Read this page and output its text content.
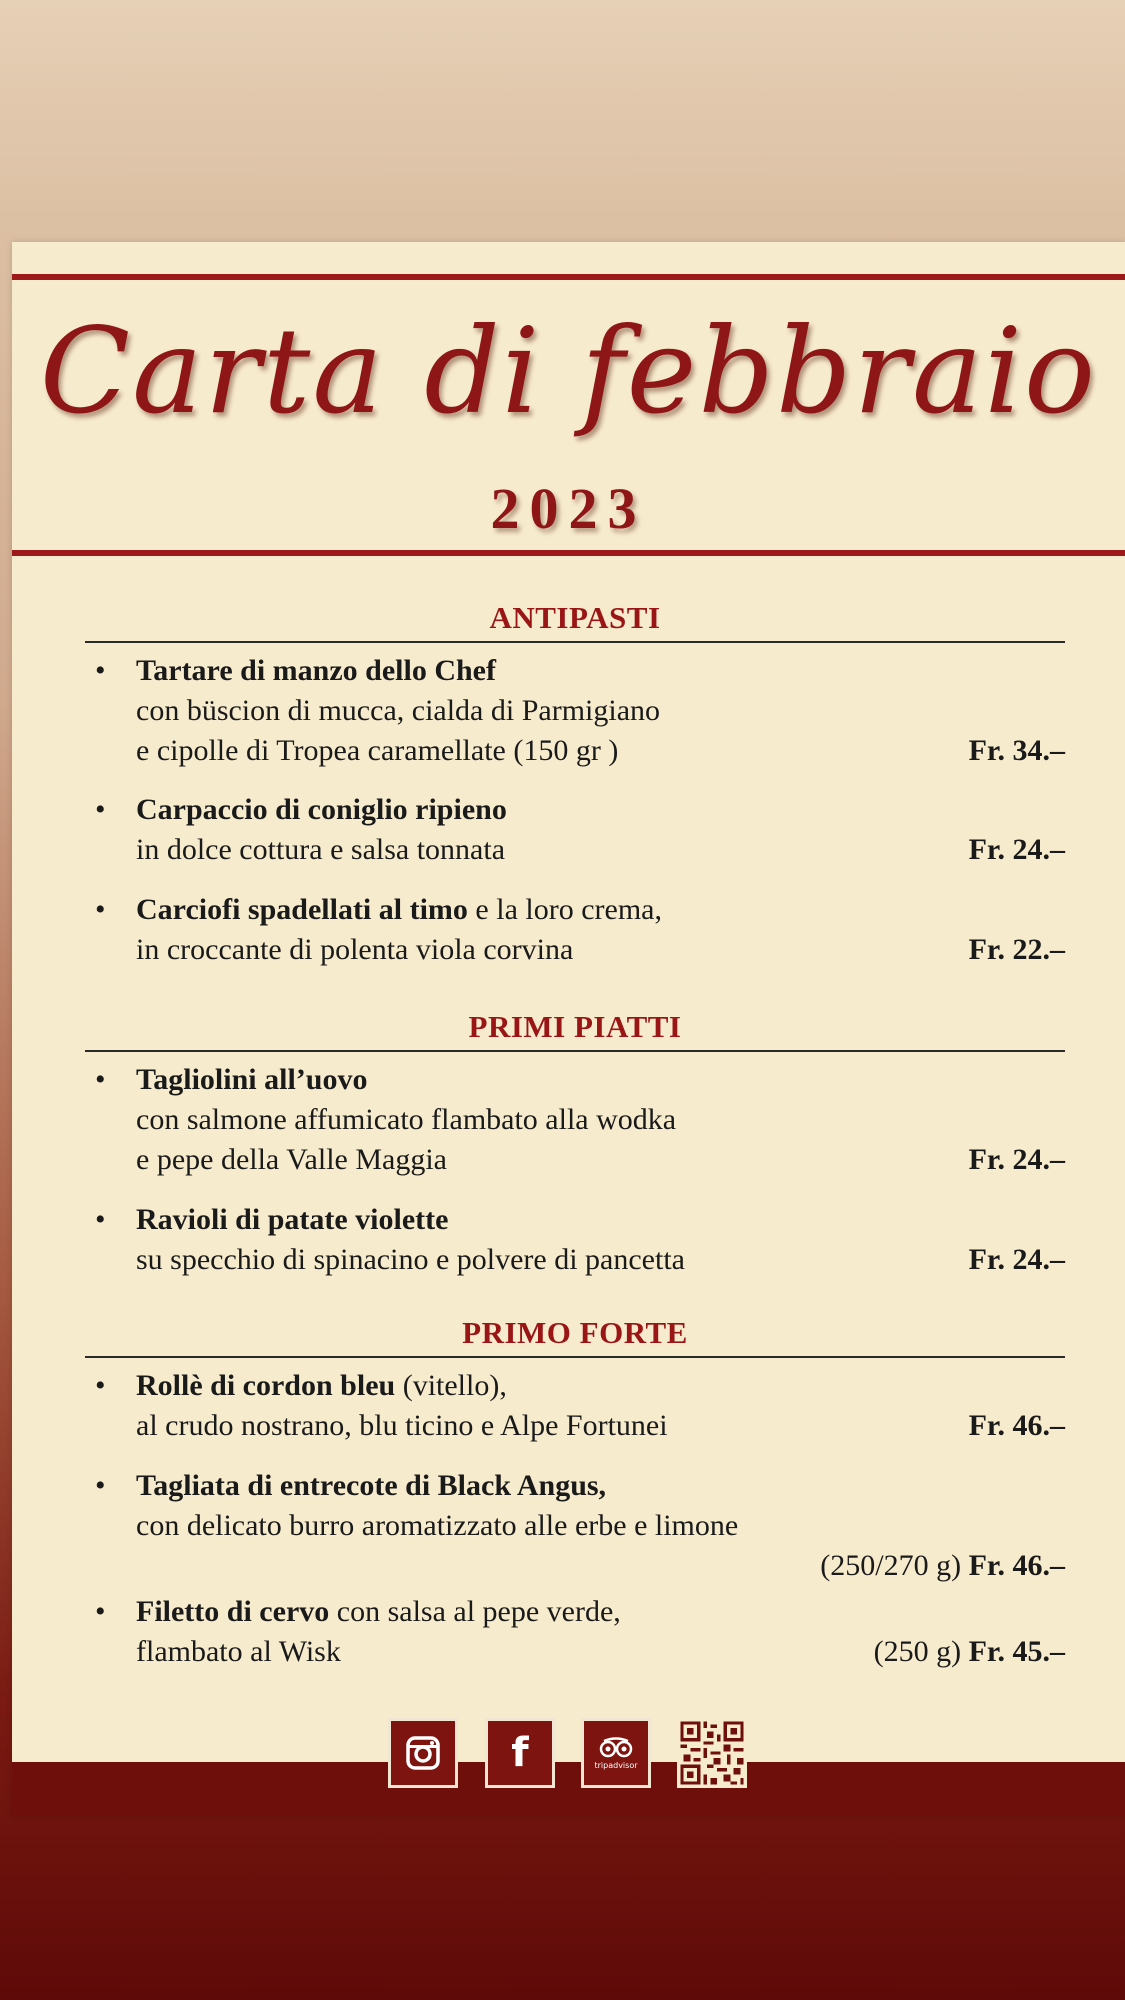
Carta di febbraio
2023
ANTIPASTI
• Tartare di manzo dello Chef
con büscion di mucca, cialda di Parmigiano
e cipolle di Tropea caramellate (150 gr )	Fr. 34.–
• Carpaccio di coniglio ripieno
in dolce cottura e salsa tonnata	Fr. 24.–
• Carciofi spadellati al timo e la loro crema,
in croccante di polenta viola corvina	Fr. 22.–
PRIMI PIATTI
• Tagliolini all’uovo
con salmone affumicato flambato alla wodka
e pepe della Valle Maggia	Fr. 24.–
• Ravioli di patate violette
su specchio di spinacino e polvere di pancetta	Fr. 24.–
PRIMO FORTE
• Rollè di cordon bleu (vitello),
al crudo nostrano, blu ticino e Alpe Fortunei	Fr. 46.–
• Tagliata di entrecote di Black Angus,
con delicato burro aromatizzato alle erbe e limone
(250/270 g) Fr. 46.–
• Filetto di cervo con salsa al pepe verde,
flambato al Wisk	(250 g) Fr. 45.–
f	tripadvisor
